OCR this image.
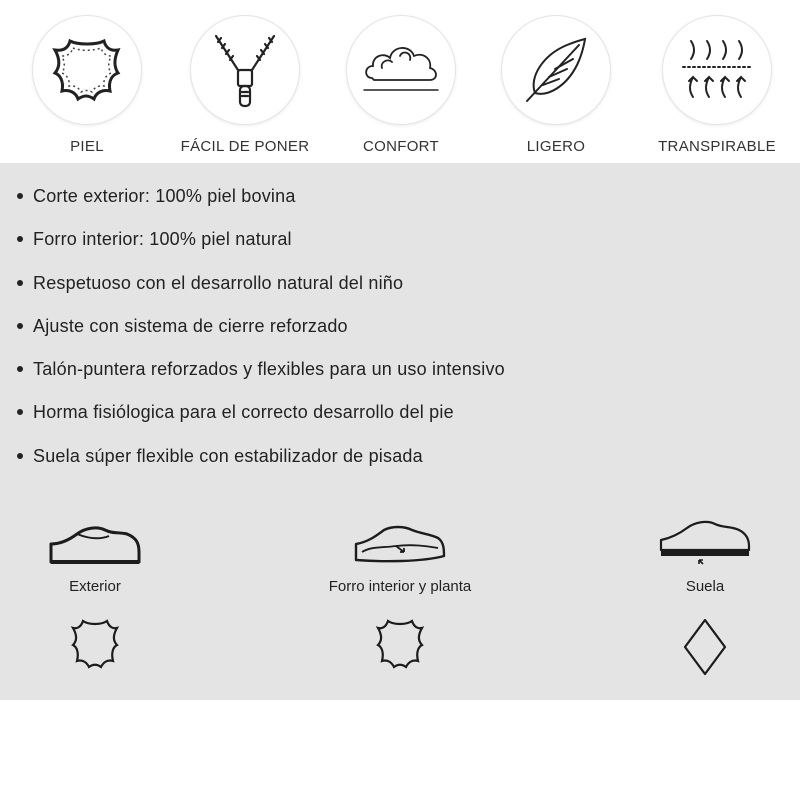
PIEL	FÁCIL DE PONER	CONFORT	LIGERO	TRANSPIRABLE
Corte exterior: 100% piel bovina
Forro interior: 100% piel natural
Respetuoso con el desarrollo natural del niño
Ajuste con sistema de cierre reforzado
Talón-puntera reforzados y flexibles para un uso intensivo
Horma fisiólogica para el correcto desarrollo del pie
Suela súper flexible con estabilizador de pisada
Exterior	Forro interior y planta	Suela
